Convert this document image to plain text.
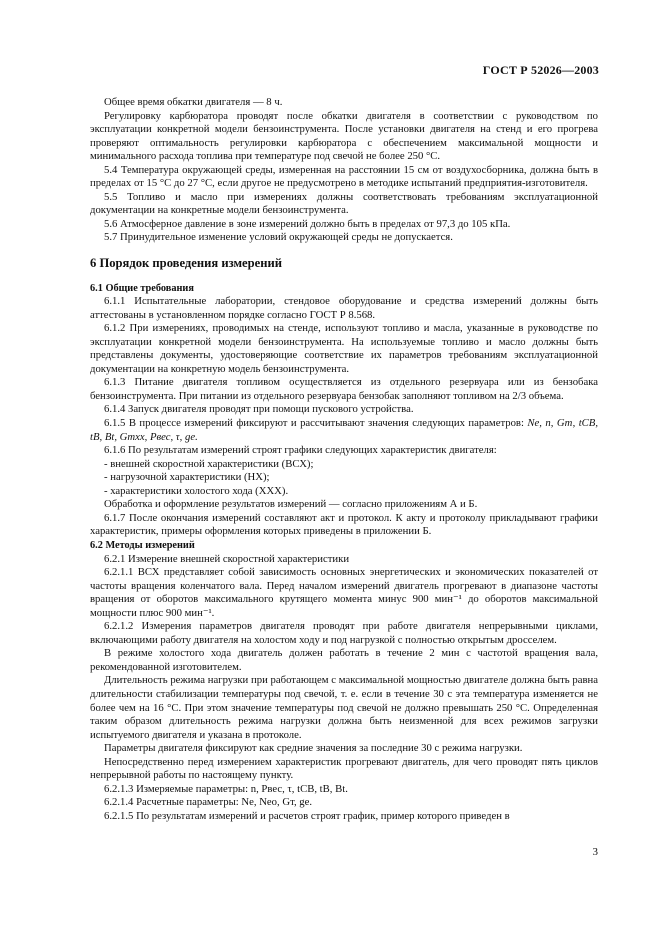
ГОСТ Р 52026—2003

Общее время обкатки двигателя — 8 ч.

Регулировку карбюратора проводят после обкатки двигателя в соответствии с руководством по эксплуатации конкретной модели бензоинструмента. После установки двигателя на стенд и его прогрева проверяют оптимальность регулировки карбюратора с обеспечением максимальной мощности и минимального расхода топлива при температуре под свечой не более 250 °С.

5.4 Температура окружающей среды, измеренная на расстоянии 15 см от воздухосборника, должна быть в пределах от 15 °С до 27 °С, если другое не предусмотрено в методике испытаний предприятия-изготовителя.

5.5 Топливо и масло при измерениях должны соответствовать требованиям эксплуатационной документации на конкретные модели бензоинструмента.

5.6 Атмосферное давление в зоне измерений должно быть в пределах от 97,3 до 105 кПа.

5.7 Принудительное изменение условий окружающей среды не допускается.

6 Порядок проведения измерений

6.1 Общие требования

6.1.1 Испытательные лаборатории, стендовое оборудование и средства измерений должны быть аттестованы в установленном порядке согласно ГОСТ Р 8.568.

6.1.2 При измерениях, проводимых на стенде, используют топливо и масла, указанные в руководстве по эксплуатации конкретной модели бензоинструмента. На используемые топливо и масло должны быть представлены документы, удостоверяющие соответствие их параметров требованиям эксплуатационной документации на конкретную модель бензоинструмента.

6.1.3 Питание двигателя топливом осуществляется из отдельного резервуара или из бензобака бензоинструмента. При питании из отдельного резервуара бензобак заполняют топливом на 2/3 объема.

6.1.4 Запуск двигателя проводят при помощи пускового устройства.

6.1.5 В процессе измерений фиксируют и рассчитывают значения следующих параметров: Nе, n, Gт, tСВ, tВ, Bt, Gтхх, Pвес, τ, gе.

6.1.6 По результатам измерений строят графики следующих характеристик двигателя:

- внешней скоростной характеристики (ВСХ);

- нагрузочной характеристики (НХ);

- характеристики холостого хода (ХХХ).

Обработка и оформление результатов измерений — согласно приложениям А и Б.

6.1.7 После окончания измерений составляют акт и протокол. К акту и протоколу прикладывают графики характеристик, примеры оформления которых приведены в приложении Б.

6.2 Методы измерений

6.2.1 Измерение внешней скоростной характеристики

6.2.1.1 ВСХ представляет собой зависимость основных энергетических и экономических показателей от частоты вращения коленчатого вала. Перед началом измерений двигатель прогревают в диапазоне частоты вращения от оборотов максимального крутящего момента минус 900 мин⁻¹ до оборотов максимальной мощности плюс 900 мин⁻¹.

6.2.1.2 Измерения параметров двигателя проводят при работе двигателя непрерывными циклами, включающими работу двигателя на холостом ходу и под нагрузкой с полностью открытым дросселем.

В режиме холостого хода двигатель должен работать в течение 2 мин с частотой вращения вала, рекомендованной изготовителем.

Длительность режима нагрузки при работающем с максимальной мощностью двигателе должна быть равна длительности стабилизации температуры под свечой, т. е. если в течение 30 с эта температура изменяется не более чем на 16 °С. При этом значение температуры под свечой не должно превышать 250 °С. Определенная таким образом длительность режима нагрузки должна быть неизменной для всех режимов загрузки испытуемого двигателя и указана в протоколе.

Параметры двигателя фиксируют как средние значения за последние 30 с режима нагрузки.

Непосредственно перед измерением характеристик прогревают двигатель, для чего проводят пять циклов непрерывной работы по настоящему пункту.

6.2.1.3 Измеряемые параметры: n, Pвес, τ, tСВ, tВ, Bt.

6.2.1.4 Расчетные параметры: Nе, Nео, Gт, gе.

6.2.1.5 По результатам измерений и расчетов строят график, пример которого приведен в

3
